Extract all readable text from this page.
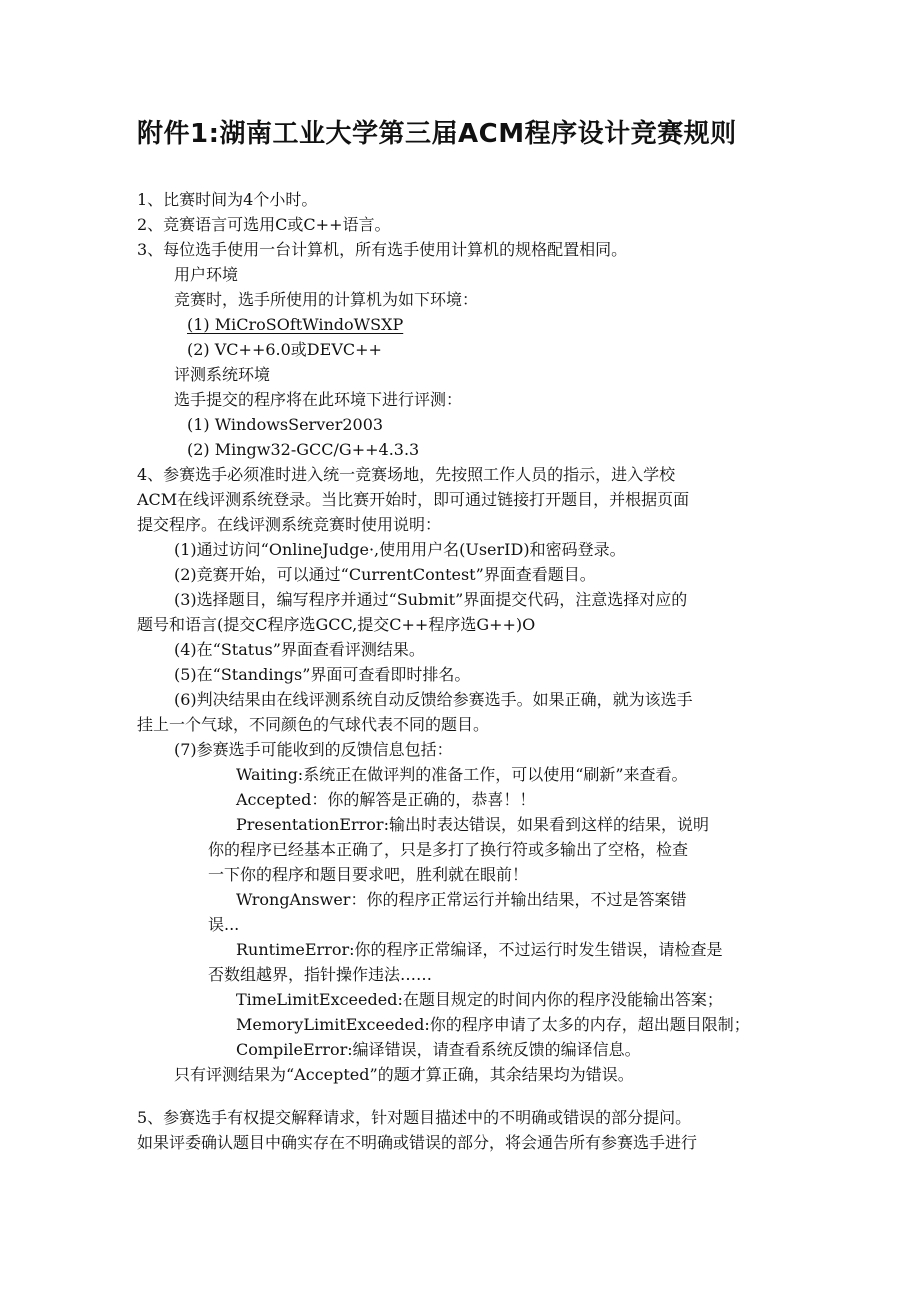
附件1:湖南工业大学第三届ACM程序设计竞赛规则
1、比赛时间为4个小时。
2、竞赛语言可选用C或C++语言。
3、每位选手使用一台计算机，所有选手使用计算机的规格配置相同。
用户环境
竞赛时，选手所使用的计算机为如下环境：
(1) MiCroSOftWindoWSXP
(2) VC++6.0或DEVC++
评测系统环境
选手提交的程序将在此环境下进行评测：
(1) WindowsServer2003
(2) Mingw32-GCC/G++4.3.3
4、参赛选手必须准时进入统一竞赛场地，先按照工作人员的指示，进入学校
ACM在线评测系统登录。当比赛开始时，即可通过链接打开题目，并根据页面
提交程序。在线评测系统竞赛时使用说明：
(1)通过访问“OnlineJudge·,使用用户名(UserID)和密码登录。
(2)竞赛开始，可以通过“CurrentContest”界面查看题目。
(3)选择题目，编写程序并通过“Submit”界面提交代码，注意选择对应的
题号和语言(提交C程序选GCC,提交C++程序选G++)O
(4)在“Status”界面查看评测结果。
(5)在“Standings”界面可查看即时排名。
(6)判决结果由在线评测系统自动反馈给参赛选手。如果正确，就为该选手
挂上一个气球，不同颜色的气球代表不同的题目。
(7)参赛选手可能收到的反馈信息包括：
Waiting:系统正在做评判的准备工作，可以使用“刷新”来查看。
Accepted：你的解答是正确的，恭喜！！
PresentationError:输出时表达错误，如果看到这样的结果，说明
你的程序已经基本正确了，只是多打了换行符或多输出了空格，检查
一下你的程序和题目要求吧，胜利就在眼前！
WrongAnswer：你的程序正常运行并输出结果，不过是答案错
误...
RuntimeError:你的程序正常编译，不过运行时发生错误，请检查是
否数组越界，指针操作违法……
TimeLimitExceeded:在题目规定的时间内你的程序没能输出答案；
MemoryLimitExceeded:你的程序申请了太多的内存，超出题目限制；
CompileError:编译错误，请查看系统反馈的编译信息。
只有评测结果为“Accepted”的题才算正确，其余结果均为错误。
5、参赛选手有权提交解释请求，针对题目描述中的不明确或错误的部分提问。
如果评委确认题目中确实存在不明确或错误的部分，将会通告所有参赛选手进行
